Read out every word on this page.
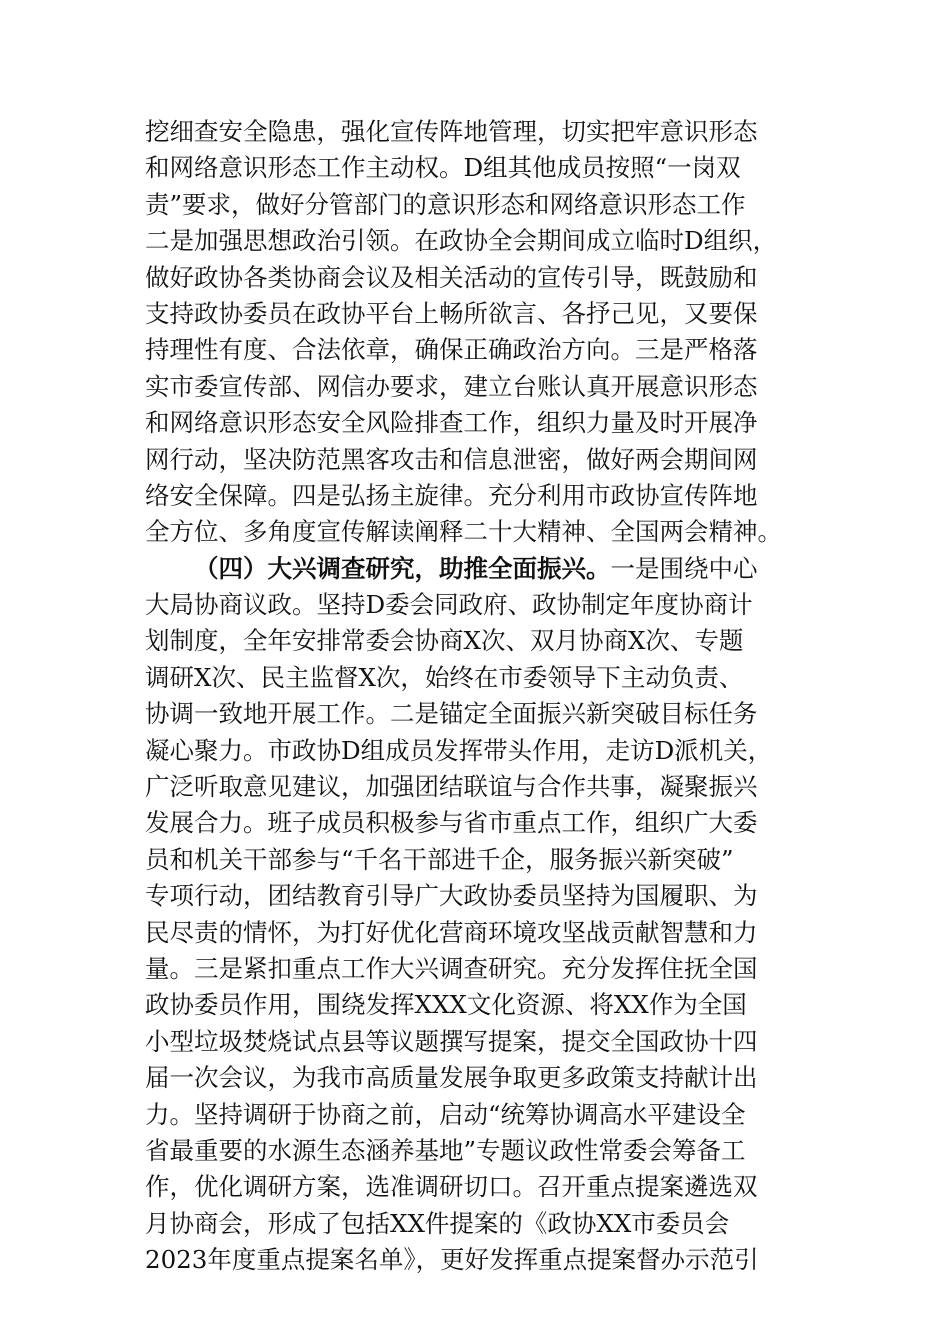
挖细查安全隐患，强化宣传阵地管理，切实把牢意识形态
和网络意识形态工作主动权。D组其他成员按照“一岗双
责”要求，做好分管部门的意识形态和网络意识形态工作
二是加强思想政治引领。在政协全会期间成立临时D组织，
做好政协各类协商会议及相关活动的宣传引导，既鼓励和
支持政协委员在政协平台上畅所欲言、各抒己见，又要保
持理性有度、合法依章，确保正确政治方向。三是严格落
实市委宣传部、网信办要求，建立台账认真开展意识形态
和网络意识形态安全风险排查工作，组织力量及时开展净
网行动，坚决防范黑客攻击和信息泄密，做好两会期间网
络安全保障。四是弘扬主旋律。充分利用市政协宣传阵地
全方位、多角度宣传解读阐释二十大精神、全国两会精神。
（四）大兴调查研究，助推全面振兴。一是围绕中心
大局协商议政。坚持D委会同政府、政协制定年度协商计
划制度，全年安排常委会协商X次、双月协商X次、专题
调研X次、民主监督X次，始终在市委领导下主动负责、
协调一致地开展工作。二是锚定全面振兴新突破目标任务
凝心聚力。市政协D组成员发挥带头作用，走访D派机关，
广泛听取意见建议，加强团结联谊与合作共事，凝聚振兴
发展合力。班子成员积极参与省市重点工作，组织广大委
员和机关干部参与“千名干部进千企，服务振兴新突破”
专项行动，团结教育引导广大政协委员坚持为国履职、为
民尽责的情怀，为打好优化营商环境攻坚战贡献智慧和力
量。三是紧扣重点工作大兴调查研究。充分发挥住抚全国
政协委员作用，围绕发挥XXX文化资源、将XX作为全国
小型垃圾焚烧试点县等议题撰写提案，提交全国政协十四
届一次会议，为我市高质量发展争取更多政策支持献计出
力。坚持调研于协商之前，启动“统筹协调高水平建设全
省最重要的水源生态涵养基地”专题议政性常委会筹备工
作，优化调研方案，选准调研切口。召开重点提案遴选双
月协商会，形成了包括XX件提案的《政协XX市委员会
2023年度重点提案名单》，更好发挥重点提案督办示范引
